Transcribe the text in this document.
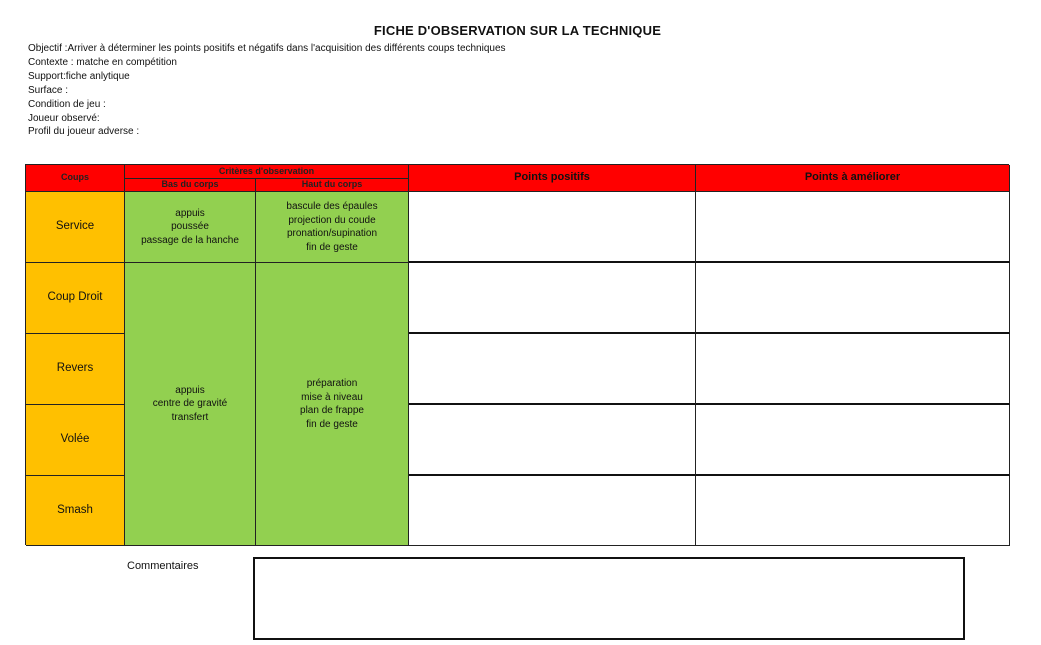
FICHE D'OBSERVATION SUR LA TECHNIQUE
Objectif :Arriver à déterminer les points positifs et négatifs dans l'acquisition des différents coups techniques
Contexte : matche en compétition
Support:fiche anlytique
Surface :
Condition de jeu :
Joueur observé:
Profil du joueur adverse :
Coups
Critères d'observation
Bas du corps	Haut du corps
Points positifs	Points à améliorer
Service
Coup Droit
Revers
Volée
Smash
appuis
poussée
passage de la hanche
bascule des épaules
projection du coude
pronation/supination
fin de geste
appuis
centre de gravité
transfert
préparation
mise à niveau
plan de frappe
fin de geste
Commentaires
